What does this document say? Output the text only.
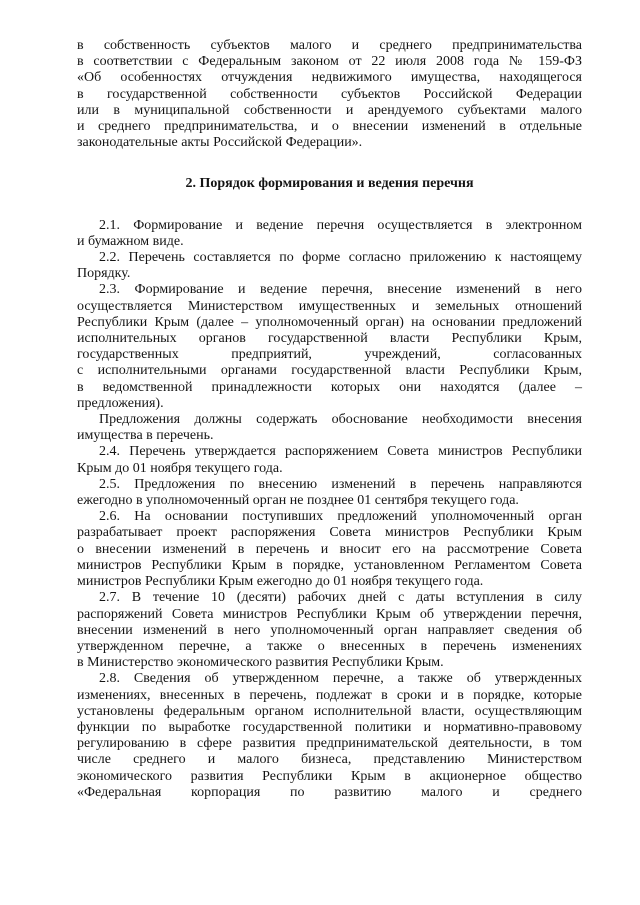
в собственность субъектов малого и среднего предпринимательства
в соответствии с Федеральным законом от 22 июля 2008 года № 159-ФЗ
«Об особенностях отчуждения недвижимого имущества, находящегося
в государственной собственности субъектов Российской Федерации
или в муниципальной собственности и арендуемого субъектами малого
и среднего предпринимательства, и о внесении изменений в отдельные
законодательные акты Российской Федерации».
2. Порядок формирования и ведения перечня
2.1. Формирование и ведение перечня осуществляется в электронном
и бумажном виде.
2.2. Перечень составляется по форме согласно приложению к настоящему
Порядку.
2.3. Формирование и ведение перечня, внесение изменений в него
осуществляется Министерством имущественных и земельных отношений
Республики Крым (далее – уполномоченный орган) на основании предложений
исполнительных органов государственной власти Республики Крым,
государственных предприятий, учреждений, согласованных
с исполнительными органами государственной власти Республики Крым,
в ведомственной принадлежности которых они находятся (далее –
предложения).
Предложения должны содержать обоснование необходимости внесения
имущества в перечень.
2.4. Перечень утверждается распоряжением Совета министров Республики
Крым до 01 ноября текущего года.
2.5. Предложения по внесению изменений в перечень направляются
ежегодно в уполномоченный орган не позднее 01 сентября текущего года.
2.6. На основании поступивших предложений уполномоченный орган
разрабатывает проект распоряжения Совета министров Республики Крым
о внесении изменений в перечень и вносит его на рассмотрение Совета
министров Республики Крым в порядке, установленном Регламентом Совета
министров Республики Крым ежегодно до 01 ноября текущего года.
2.7. В течение 10 (десяти) рабочих дней с даты вступления в силу
распоряжений Совета министров Республики Крым об утверждении перечня,
внесении изменений в него уполномоченный орган направляет сведения об
утвержденном перечне, а также о внесенных в перечень изменениях
в Министерство экономического развития Республики Крым.
2.8. Сведения об утвержденном перечне, а также об утвержденных
изменениях, внесенных в перечень, подлежат в сроки и в порядке, которые
установлены федеральным органом исполнительной власти, осуществляющим
функции по выработке государственной политики и нормативно-правовому
регулированию в сфере развития предпринимательской деятельности, в том
числе среднего и малого бизнеса, представлению Министерством
экономического развития Республики Крым в акционерное общество
«Федеральная корпорация по развитию малого и среднего
